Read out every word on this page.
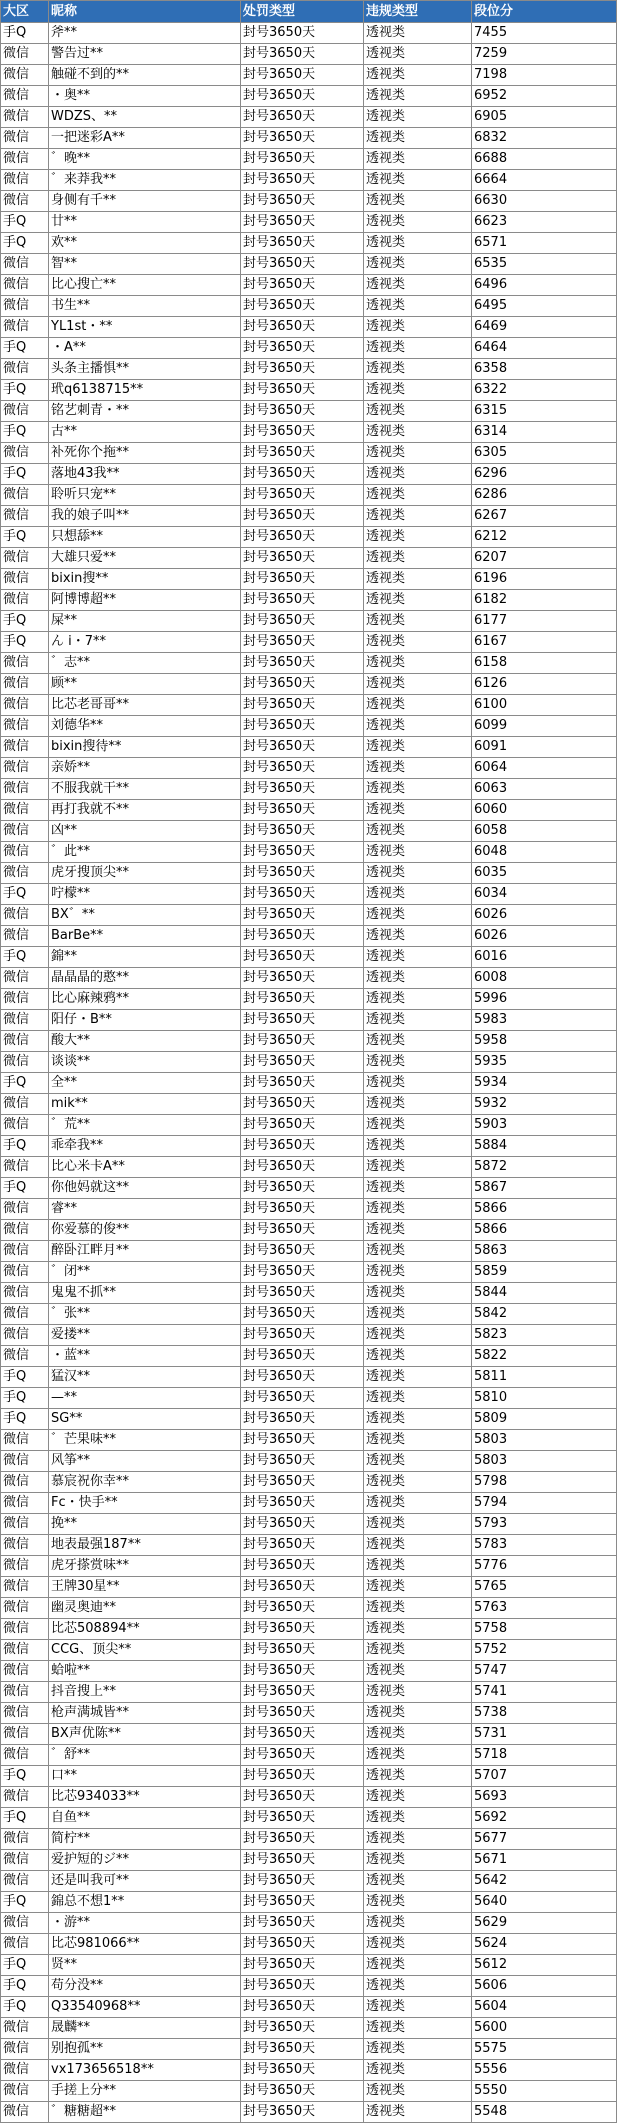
大区	昵称	处罚类型	违规类型	段位分
手Q	斧**	封号3650天	透视类	7455
微信	警告过**	封号3650天	透视类	7259
微信	触碰不到的**	封号3650天	透视类	7198
微信	・奥**	封号3650天	透视类	6952
微信	WDZS、**	封号3650天	透视类	6905
微信	一把迷彩A**	封号3650天	透视类	6832
微信	゛晚**	封号3650天	透视类	6688
微信	゛来莽我**	封号3650天	透视类	6664
微信	身侧有千**	封号3650天	透视类	6630
手Q	廿**	封号3650天	透视类	6623
手Q	欢**	封号3650天	透视类	6571
微信	智**	封号3650天	透视类	6535
微信	比心搜亡**	封号3650天	透视类	6496
微信	书生**	封号3650天	透视类	6495
微信	YL1st・**	封号3650天	透视类	6469
手Q	・A**	封号3650天	透视类	6464
微信	头条主播惧**	封号3650天	透视类	6358
手Q	玳q6138715**	封号3650天	透视类	6322
微信	铭艺刺青・**	封号3650天	透视类	6315
手Q	古**	封号3650天	透视类	6314
微信	补死你个拖**	封号3650天	透视类	6305
手Q	落地43我**	封号3650天	透视类	6296
微信	聆听只宠**	封号3650天	透视类	6286
微信	我的娘子叫**	封号3650天	透视类	6267
手Q	只想舔**	封号3650天	透视类	6212
微信	大雄只爱**	封号3650天	透视类	6207
微信	bixin搜**	封号3650天	透视类	6196
微信	阿博博超**	封号3650天	透视类	6182
手Q	屎**	封号3650天	透视类	6177
手Q	ん i・7**	封号3650天	透视类	6167
微信	゛志**	封号3650天	透视类	6158
微信	顾**	封号3650天	透视类	6126
微信	比芯老哥哥**	封号3650天	透视类	6100
微信	刘德华**	封号3650天	透视类	6099
微信	bixin搜待**	封号3650天	透视类	6091
微信	亲娇**	封号3650天	透视类	6064
微信	不服我就干**	封号3650天	透视类	6063
微信	再打我就不**	封号3650天	透视类	6060
微信	凶**	封号3650天	透视类	6058
微信	゛此**	封号3650天	透视类	6048
微信	虎牙搜顶尖**	封号3650天	透视类	6035
手Q	咛檬**	封号3650天	透视类	6034
微信	BX゛**	封号3650天	透视类	6026
微信	BarBe**	封号3650天	透视类	6026
手Q	錦**	封号3650天	透视类	6016
微信	晶晶晶的憨**	封号3650天	透视类	6008
微信	比心麻辣鸦**	封号3650天	透视类	5996
微信	阳仔・B**	封号3650天	透视类	5983
微信	酸大**	封号3650天	透视类	5958
微信	谈谈**	封号3650天	透视类	5935
手Q	全**	封号3650天	透视类	5934
微信	mik**	封号3650天	透视类	5932
微信	゛荒**	封号3650天	透视类	5903
手Q	乖牵我**	封号3650天	透视类	5884
微信	比心米卡A**	封号3650天	透视类	5872
手Q	你他妈就这**	封号3650天	透视类	5867
微信	睿**	封号3650天	透视类	5866
微信	你爱慕的俊**	封号3650天	透视类	5866
微信	醉卧江畔月**	封号3650天	透视类	5863
微信	゛闭**	封号3650天	透视类	5859
微信	鬼鬼不抓**	封号3650天	透视类	5844
微信	゛张**	封号3650天	透视类	5842
微信	爱搂**	封号3650天	透视类	5823
微信	・蓝**	封号3650天	透视类	5822
手Q	猛汉**	封号3650天	透视类	5811
手Q	—**	封号3650天	透视类	5810
手Q	SG**	封号3650天	透视类	5809
微信	゛芒果味**	封号3650天	透视类	5803
微信	风筝**	封号3650天	透视类	5803
微信	慕宸祝你幸**	封号3650天	透视类	5798
微信	Fc・快手**	封号3650天	透视类	5794
微信	挽**	封号3650天	透视类	5793
微信	地表最强187**	封号3650天	透视类	5783
微信	虎牙搽赏味**	封号3650天	透视类	5776
微信	王牌30星**	封号3650天	透视类	5765
微信	幽灵奥迪**	封号3650天	透视类	5763
微信	比芯508894**	封号3650天	透视类	5758
微信	CCG、顶尖**	封号3650天	透视类	5752
微信	蛤啦**	封号3650天	透视类	5747
微信	抖音搜上**	封号3650天	透视类	5741
微信	枪声满城皆**	封号3650天	透视类	5738
微信	BX声优陈**	封号3650天	透视类	5731
微信	゛舒**	封号3650天	透视类	5718
手Q	口**	封号3650天	透视类	5707
微信	比芯934033**	封号3650天	透视类	5693
手Q	自鱼**	封号3650天	透视类	5692
微信	简柠**	封号3650天	透视类	5677
微信	爱护短的ジ**	封号3650天	透视类	5671
微信	还是叫我可**	封号3650天	透视类	5642
手Q	錦总不想1**	封号3650天	透视类	5640
微信	・游**	封号3650天	透视类	5629
微信	比芯981066**	封号3650天	透视类	5624
手Q	贤**	封号3650天	透视类	5612
手Q	苟分没**	封号3650天	透视类	5606
手Q	Q33540968**	封号3650天	透视类	5604
微信	晟麟**	封号3650天	透视类	5600
微信	别抱孤**	封号3650天	透视类	5575
微信	vx173656518**	封号3650天	透视类	5556
微信	手搓上分**	封号3650天	透视类	5550
微信	゛糖糖超**	封号3650天	透视类	5548
